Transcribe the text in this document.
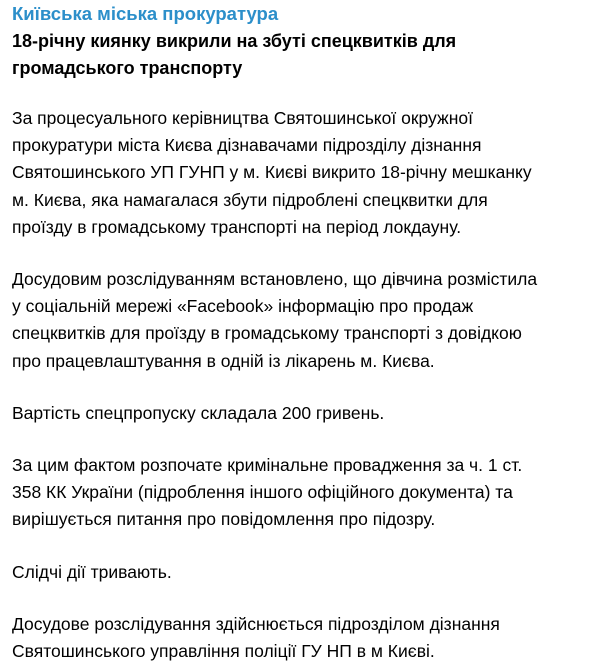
Київська міська прокуратура
18-річну киянку викрили на збуті спецквитків для
громадського транспорту

За процесуального керівництва Святошинської окружної
прокуратури міста Києва дізнавачами підрозділу дізнання
Святошинського УП ГУНП у м. Києві викрито 18-річну мешканку
м. Києва, яка намагалася збути підроблені спецквитки для
проїзду в громадському транспорті на період локдауну.

Досудовим розслідуванням встановлено, що дівчина розмістила
у соціальній мережі «Facebook» інформацію про продаж
спецквитків для проїзду в громадському транспорті з довідкою
про працевлаштування в одній із лікарень м. Києва.

Вартість спецпропуску складала 200 гривень.

За цим фактом розпочате кримінальне провадження за ч. 1 ст.
358 КК України (підроблення іншого офіційного документа) та
вирішується питання про повідомлення про підозру.

Слідчі дії тривають.

Досудове розслідування здійснюється підрозділом дізнання
Святошинського управління поліції ГУ НП в м Києві.
